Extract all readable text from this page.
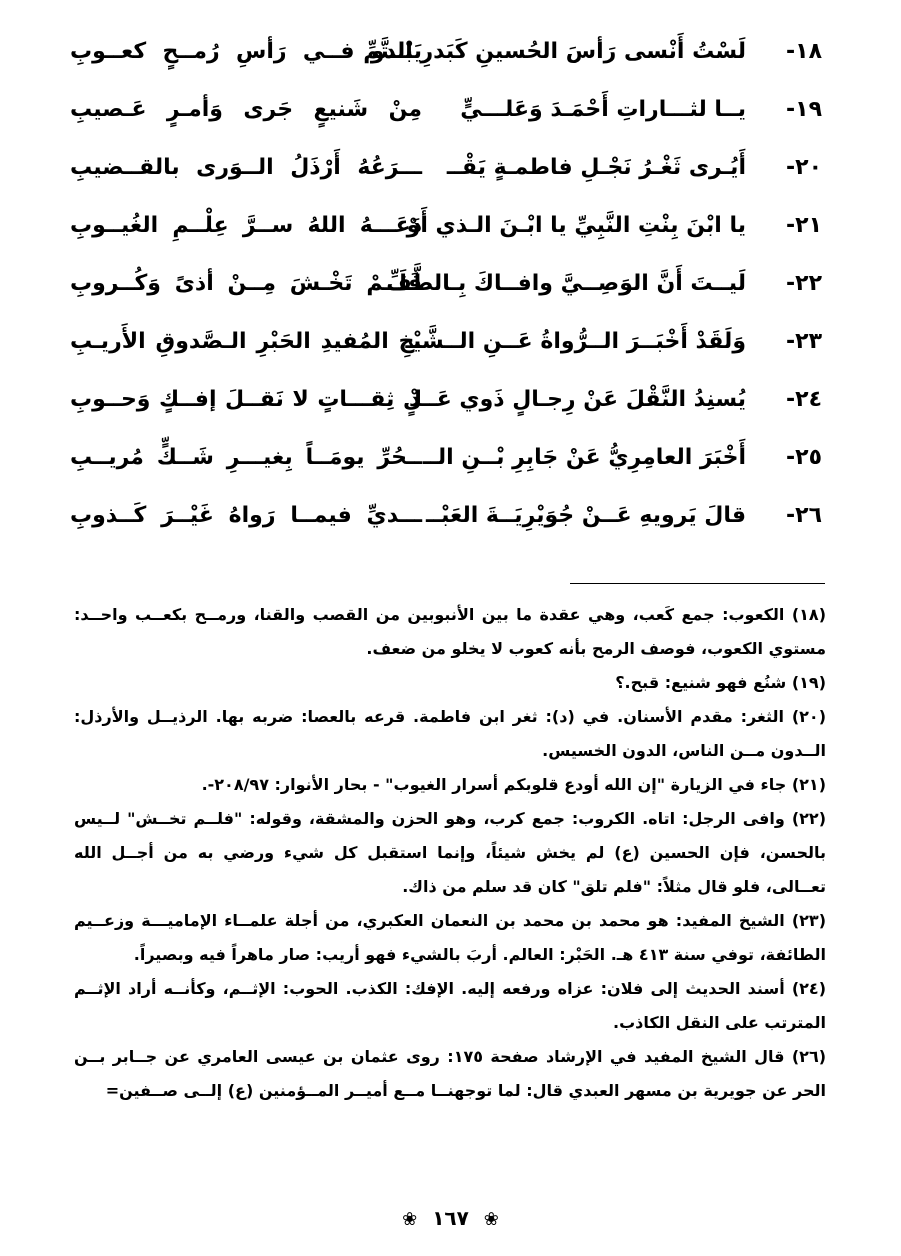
١٨-
لَسْتُ أَنْسى رَأسَ الحُسينِ كَبَدرِ الـتَّمِّ
يَبْـدو فــي رَأسِ رُمــحٍ كعــوبِ
١٩-
يــا لثـــاراتِ أَحْمَـدَ وَعَلـــيٍّ
مِنْ شَنيعٍ جَرى وَأمـرٍ عَـصيبِ
٢٠-
أَيُـرى ثَغْـرُ نَجْـلِ فاطمـةٍ يَقْــ
ـــرَعُهُ أَرْذَلُ الــوَرى بالقــضيبِ
٢١-
يا ابْنَ بِنْتِ النَّبِيِّ يا ابْـنَ الـذي أَوْ
دَعَـــهُ اللهُ ســرَّ عِلْــمِ الغُيــوبِ
٢٢-
لَيــتَ أَنَّ الوَصِــيَّ وافــاكَ بِـالطَّفِّ
فَلَــمْ تَخْـشَ مِــنْ أذىً وَكُــروبِ
٢٣-
وَلَقَدْ أَخْبَــرَ الــرُّواةُ عَــنِ الــشَّيْـ
ـخِ المُفيدِ الحَبْرِ الـصَّدوقِ الأَريـبِ
٢٤-
يُسنِدُ النَّقْلَ عَنْ رِجـالٍ ذَوي عَــدْ
لٍ ثِقـــاتٍ لا نَقــلَ إفــكٍ وَحــوبِ
٢٥-
أَخْبَرَ العامِرِيُّ عَنْ جَابِرِ بْــنِ الــ
ــحُرِّ يومَــاً بِغيـــرِ شَــكٍّ مُريــبِ
٢٦-
قالَ يَرويهِ عَــنْ جُوَيْرِيَــةَ العَبْــ
ـــديِّ فيمــا رَواهُ غَيْــرَ كَــذوبِ

(١٨) الكعوب: جمع كَعب، وهي عقدة ما بين الأنبوبين من القصب والقنا، ورمــح بكعــب واحــد: مستوي الكعوب، فوصف الرمح بأنه كعوب لا يخلو من ضعف.

(١٩) شنُع فهو شنيع: قبح.؟

(٢٠) الثغر: مقدم الأسنان. في (د): ثغر ابن فاطمة. قرعه بالعصا: ضربه بها. الرذيــل والأرذل: الــدون مــن الناس، الدون الخسيس.

(٢١) جاء في الزيارة "إن الله أودع قلوبكم أسرار الغيوب" - بحار الأنوار: ٢٠٨/٩٧-.

(٢٢) وافى الرجل: اتاه. الكروب: جمع كرب، وهو الحزن والمشقة، وقوله: "فلــم تخــش" لــيس بالحسن، فإن الحسين (ع) لم يخش شيئاً، وإنما استقبل كل شيء ورضي به من أجــل الله تعــالى، فلو قال مثلاً: "فلم تلق" كان قد سلم من ذاك.

(٢٣) الشيخ المفيد: هو محمد بن محمد بن النعمان العكبري، من أجلة علمــاء الإماميـــة وزعــيم الطائفة، توفي سنة ٤١٣ هـ. الحَبْر: العالم. أربَ بالشيء فهو أريب: صار ماهراً فيه وبصيراً.

(٢٤) أسند الحديث إلى فلان: عزاه ورفعه إليه. الإفك: الكذب. الحوب: الإثــم، وكأنــه أراد الإثــم المترتب على النقل الكاذب.

(٢٦) قال الشيخ المفيد في الإرشاد صفحة ١٧٥: روى عثمان بن عيسى العامري عن جــابر بــن الحر عن جويرية بن مسهر العبدي قال: لما توجهنــا مــع أميــر المــؤمنين (ع) إلــى صــفين=

❀ ١٦٧ ❀
